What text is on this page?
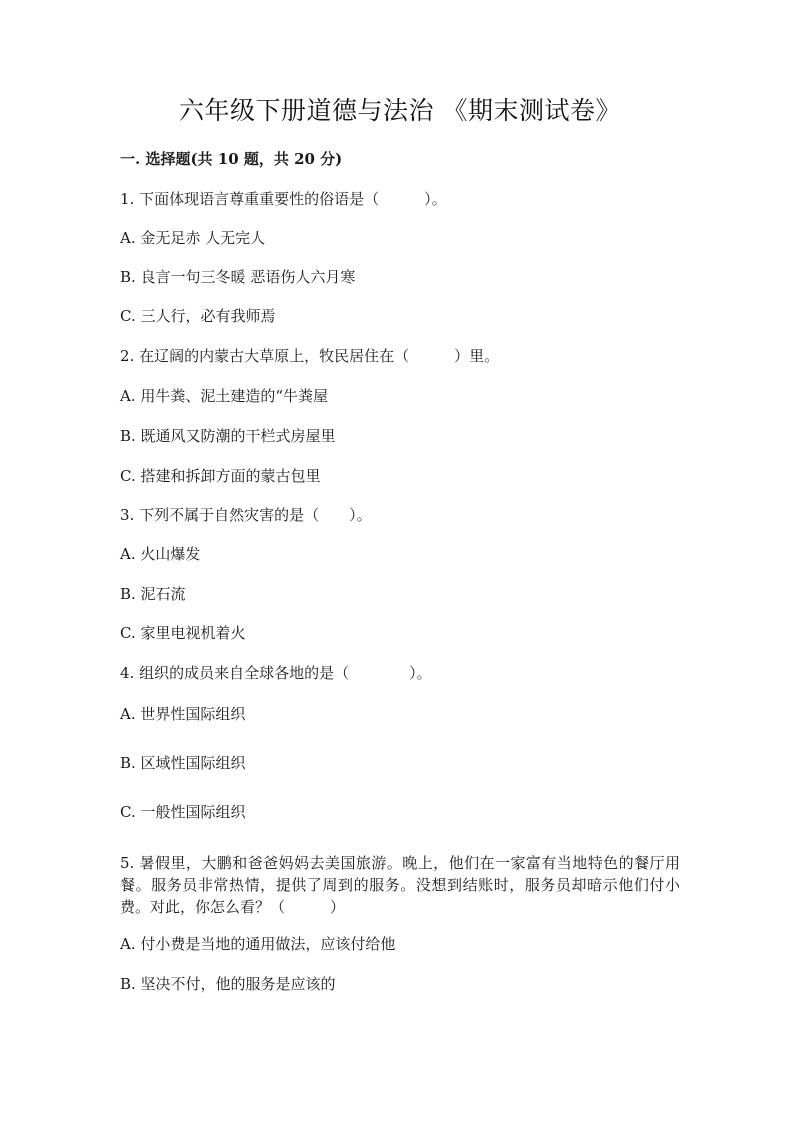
六年级下册道德与法治 《期末测试卷》
一. 选择题(共 10 题，共 20 分)
1. 下面体现语言尊重重要性的俗语是（　　　）。
A. 金无足赤 人无完人
B. 良言一句三冬暖 恶语伤人六月寒
C. 三人行，必有我师焉
2. 在辽阔的内蒙古大草原上，牧民居住在（　　　）里。
A. 用牛粪、泥土建造的“牛粪屋
B. 既通风又防潮的干栏式房屋里
C. 搭建和拆卸方面的蒙古包里
3. 下列不属于自然灾害的是（　　）。
A. 火山爆发
B. 泥石流
C. 家里电视机着火
4. 组织的成员来自全球各地的是（　　　　）。
A. 世界性国际组织
B. 区域性国际组织
C. 一般性国际组织
5. 暑假里，大鹏和爸爸妈妈去美国旅游。晚上，他们在一家富有当地特色的餐厅用餐。服务员非常热情，提供了周到的服务。没想到结账时，服务员却暗示他们付小费。对此，你怎么看？（　　　）
A. 付小费是当地的通用做法，应该付给他
B. 坚决不付，他的服务是应该的
